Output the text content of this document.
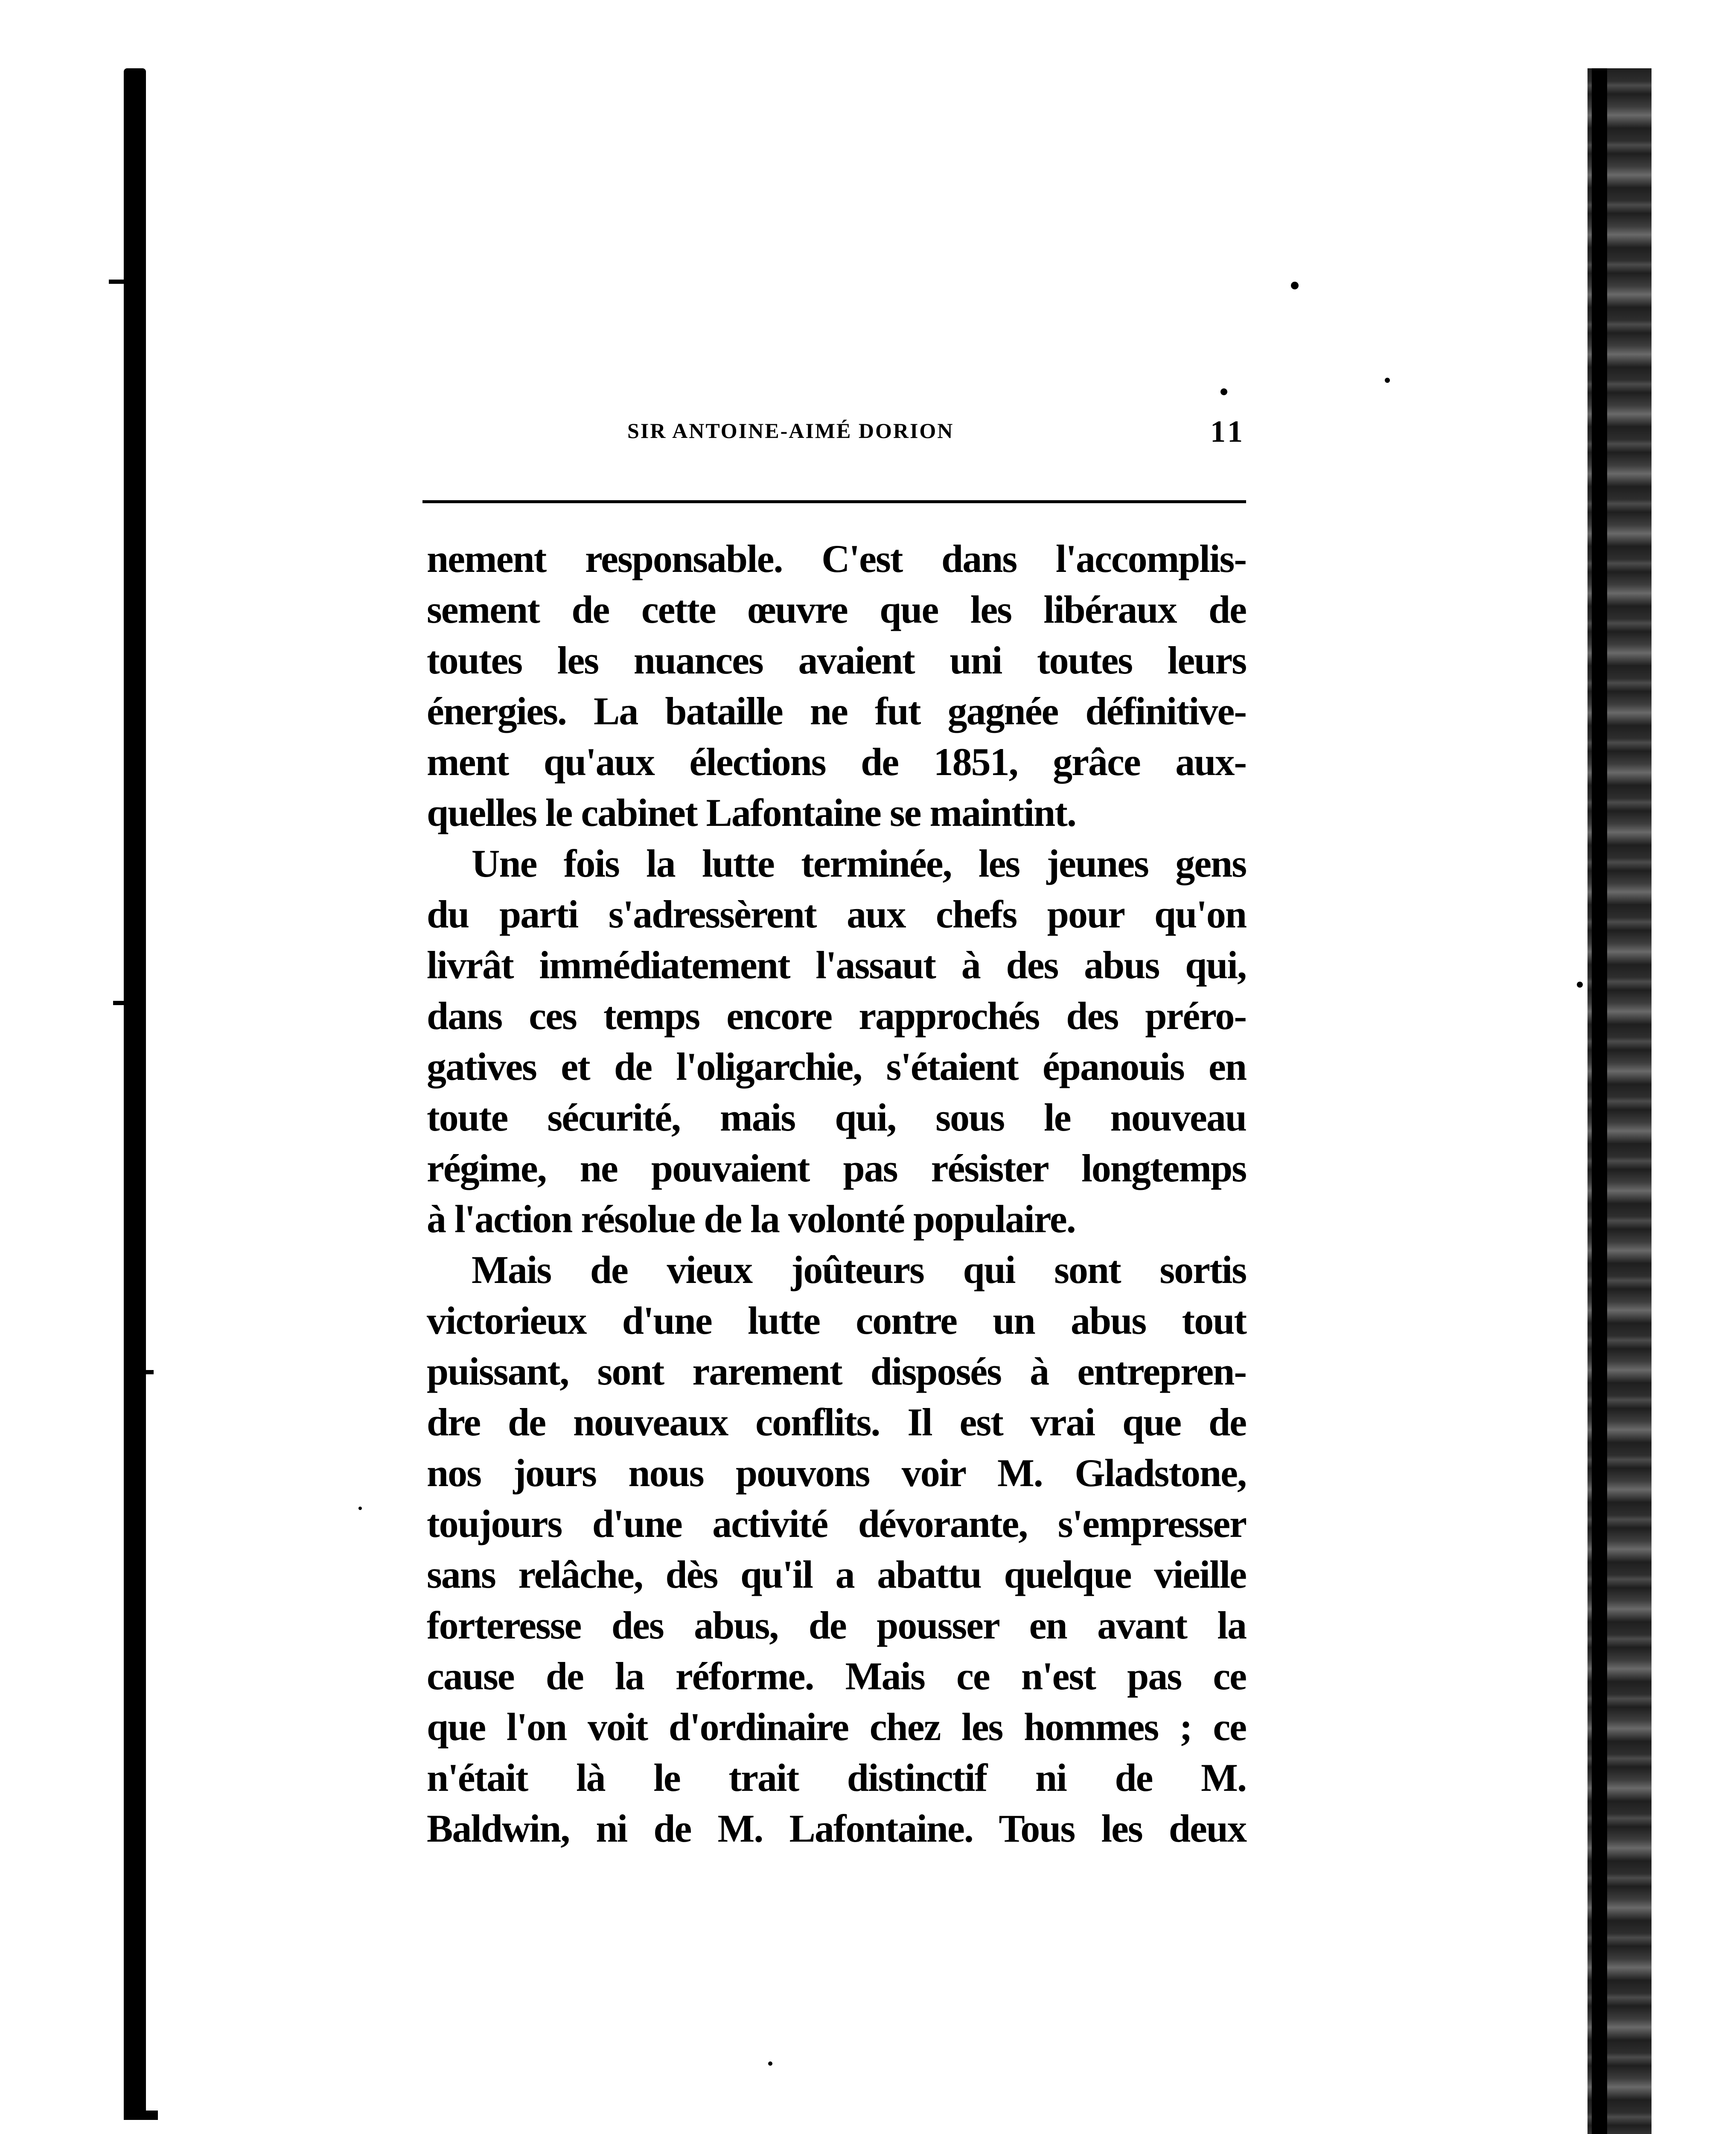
SIR ANTOINE-AIMÉ DORION	11
nement responsable. C'est dans l'accomplis-
sement de cette œuvre que les libéraux de
toutes les nuances avaient uni toutes leurs
énergies. La bataille ne fut gagnée définitive-
ment qu'aux élections de 1851, grâce aux-
quelles le cabinet Lafontaine se maintint.
Une fois la lutte terminée, les jeunes gens
du parti s'adressèrent aux chefs pour qu'on
livrât immédiatement l'assaut à des abus qui,
dans ces temps encore rapprochés des préro-
gatives et de l'oligarchie, s'étaient épanouis en
toute sécurité, mais qui, sous le nouveau
régime, ne pouvaient pas résister longtemps
à l'action résolue de la volonté populaire.
Mais de vieux joûteurs qui sont sortis
victorieux d'une lutte contre un abus tout
puissant, sont rarement disposés à entrepren-
dre de nouveaux conflits. Il est vrai que de
nos jours nous pouvons voir M. Gladstone,
toujours d'une activité dévorante, s'empresser
sans relâche, dès qu'il a abattu quelque vieille
forteresse des abus, de pousser en avant la
cause de la réforme. Mais ce n'est pas ce
que l'on voit d'ordinaire chez les hommes ; ce
n'était là le trait distinctif ni de M.
Baldwin, ni de M. Lafontaine. Tous les deux
